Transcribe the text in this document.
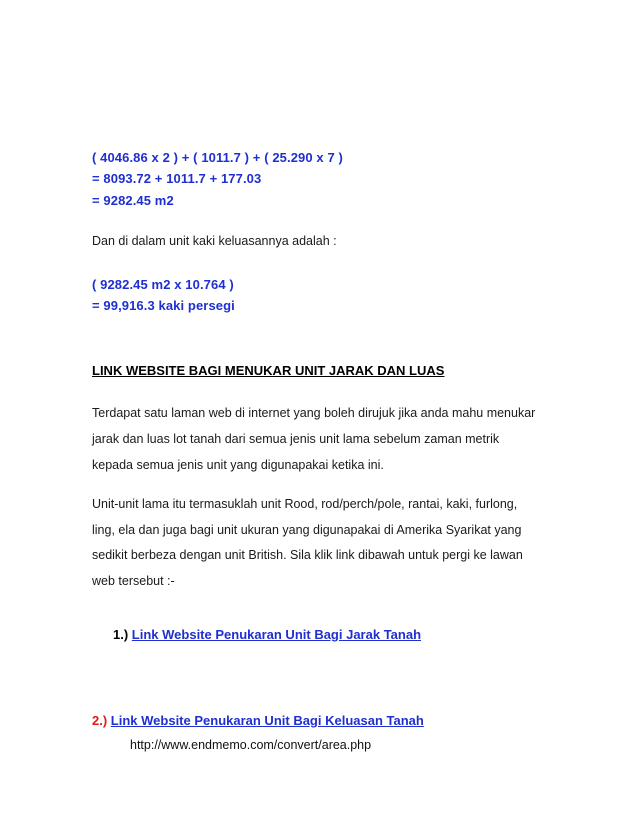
( 4046.86 x 2 ) + ( 1011.7 ) + ( 25.290 x 7 )
= 8093.72 + 1011.7 + 177.03
= 9282.45 m2
Dan di dalam unit kaki keluasannya adalah :
( 9282.45 m2 x 10.764 )
= 99,916.3 kaki persegi
LINK WEBSITE BAGI MENUKAR UNIT JARAK DAN LUAS
Terdapat satu laman web di internet yang boleh dirujuk jika anda mahu menukar
jarak dan luas lot tanah dari semua jenis unit lama sebelum zaman metrik
kepada semua jenis unit yang digunapakai ketika ini.
Unit-unit lama itu termasuklah unit Rood, rod/perch/pole, rantai, kaki, furlong,
ling, ela dan juga bagi unit ukuran yang digunapakai di Amerika Syarikat yang
sedikit berbeza dengan unit British. Sila klik link dibawah untuk pergi ke lawan
web tersebut :-
1.) Link Website Penukaran Unit Bagi Jarak Tanah
2.) Link Website Penukaran Unit Bagi Keluasan Tanah
http://www.endmemo.com/convert/area.php
